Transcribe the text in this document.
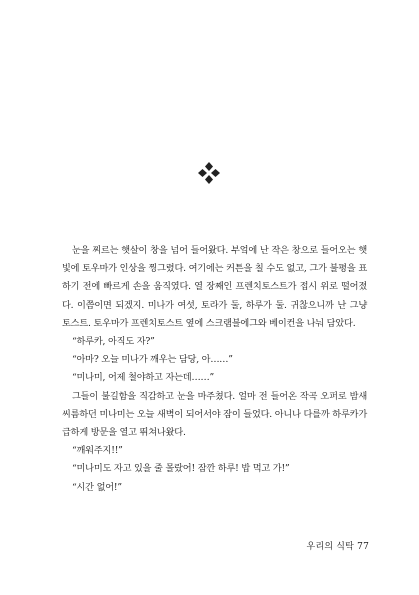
눈을 찌르는 햇살이 창을 넘어 들어왔다. 부엌에 난 작은 창으로 들어오는 햇빛에 토우마가 인상을 찡그렸다. 여기에는 커튼을 칠 수도 없고, 그가 불평을 표하기 전에 빠르게 손을 움직였다. 열 장째인 프렌치토스트가 접시 위로 떨어졌다. 이쯤이면 되겠지. 미나가 여섯, 토라가 둘, 하루가 둘. 귀찮으니까 난 그냥 토스트. 토우마가 프렌치토스트 옆에 스크램블에그와 베이컨을 나눠 담았다.

“하루카, 아직도 자?”

“아마? 오늘 미나가 깨우는 담당, 아……”

“미나미, 어제 철야하고 자는데……”

그들이 불길함을 직감하고 눈을 마주쳤다. 얼마 전 들어온 작곡 오퍼로 밤새 씨름하던 미나미는 오늘 새벽이 되어서야 잠이 들었다. 아니나 다를까 하루카가 급하게 방문을 열고 뛰쳐나왔다.

“깨워주지!!”

“미나미도 자고 있을 줄 몰랐어! 잠깐 하루! 밥 먹고 가!”

“시간 없어!”

우리의 식탁 77
